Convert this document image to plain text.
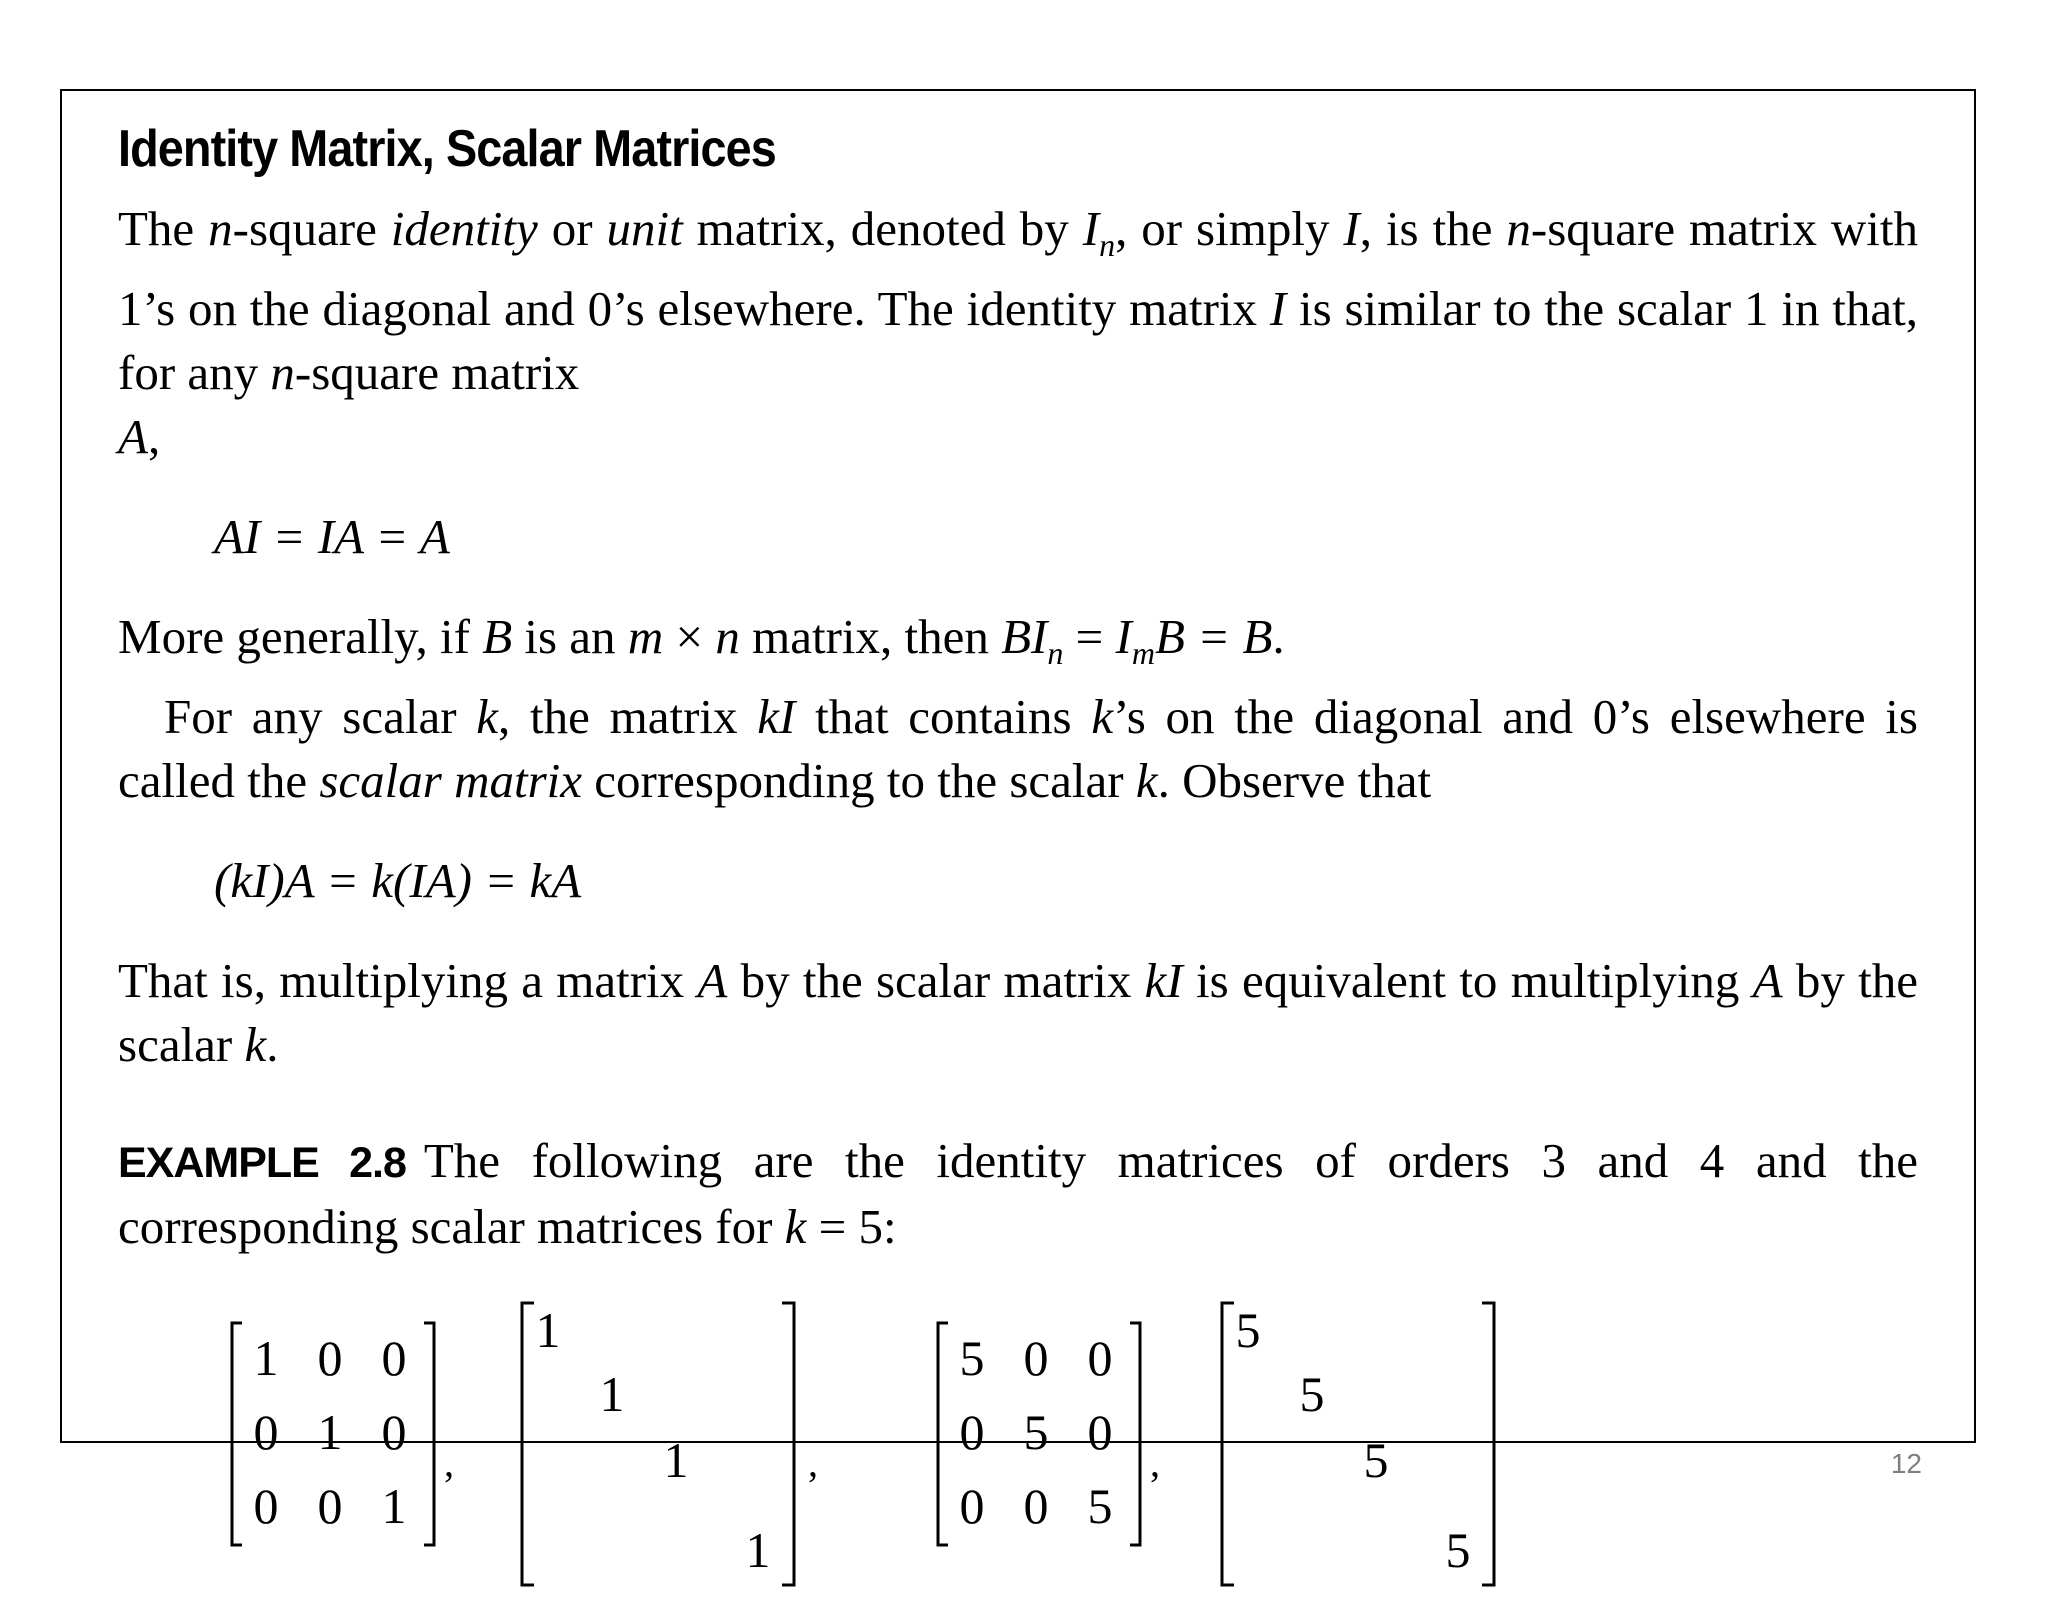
Identity Matrix, Scalar Matrices

The n-square identity or unit matrix, denoted by $I_n$, or simply I, is the n-square matrix with 1’s on the diagonal and 0’s elsewhere. The identity matrix I is similar to the scalar 1 in that, for any n-square matrix
A,

AI = IA = A

More generally, if B is an m × n matrix, then $BI_n = I_mB = B$.

For any scalar k, the matrix kI that contains k’s on the diagonal and 0’s elsewhere is called the scalar matrix corresponding to the scalar k. Observe that

(kI)A = k(IA) = kA

That is, multiplying a matrix A by the scalar matrix kI is equivalent to multiplying A by the scalar k.

EXAMPLE 2.8 The following are the identity matrices of orders 3 and 4 and the corresponding scalar matrices for k = 5:

1 0 0
0 1 0
0 0 1
,
1
1
1
1
,
5 0 0
0 5 0
0 0 5
,
5
5
5
5
12
